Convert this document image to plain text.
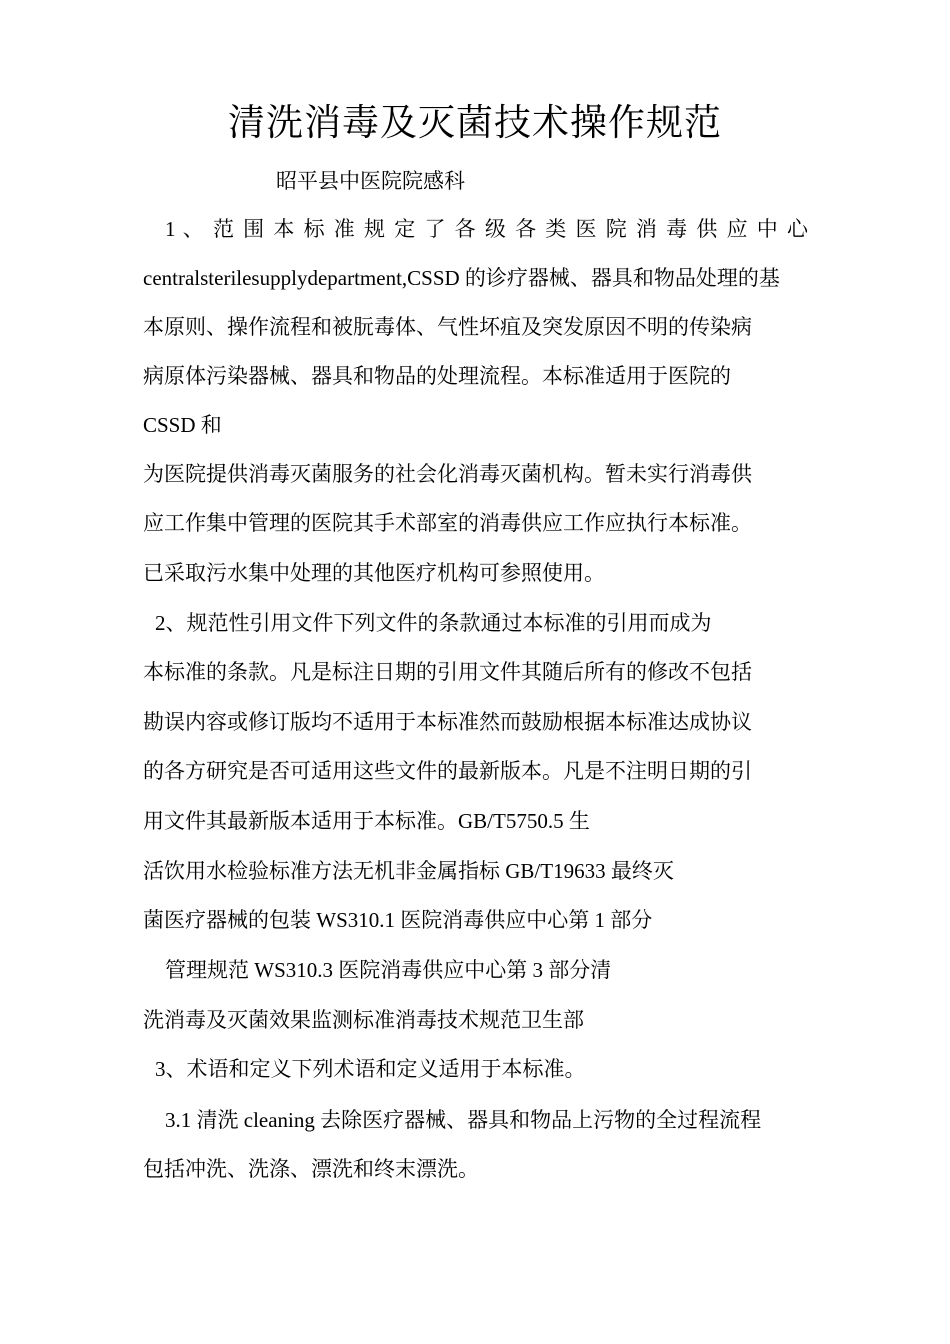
清洗消毒及灭菌技术操作规范
昭平县中医院院感科
1 、 范 围 本 标 准 规 定 了 各 级 各 类 医 院 消 毒 供 应 中 心
centralsterilesupplydepartment,CSSD 的诊疗器械、器具和物品处理的基
本原则、操作流程和被朊毒体、气性坏疽及突发原因不明的传染病
病原体污染器械、器具和物品的处理流程。本标准适用于医院的
CSSD 和
为医院提供消毒灭菌服务的社会化消毒灭菌机构。暂未实行消毒供
应工作集中管理的医院其手术部室的消毒供应工作应执行本标准。
已采取污水集中处理的其他医疗机构可参照使用。
2、规范性引用文件下列文件的条款通过本标准的引用而成为
本标准的条款。凡是标注日期的引用文件其随后所有的修改不包括
勘误内容或修订版均不适用于本标准然而鼓励根据本标准达成协议
的各方研究是否可适用这些文件的最新版本。凡是不注明日期的引
用文件其最新版本适用于本标准。GB/T5750.5 生
活饮用水检验标准方法无机非金属指标 GB/T19633 最终灭
菌医疗器械的包装 WS310.1 医院消毒供应中心第 1 部分
管理规范 WS310.3 医院消毒供应中心第 3 部分清
洗消毒及灭菌效果监测标准消毒技术规范卫生部
3、术语和定义下列术语和定义适用于本标准。
3.1 清洗 cleaning 去除医疗器械、器具和物品上污物的全过程流程
包括冲洗、洗涤、漂洗和终末漂洗。
